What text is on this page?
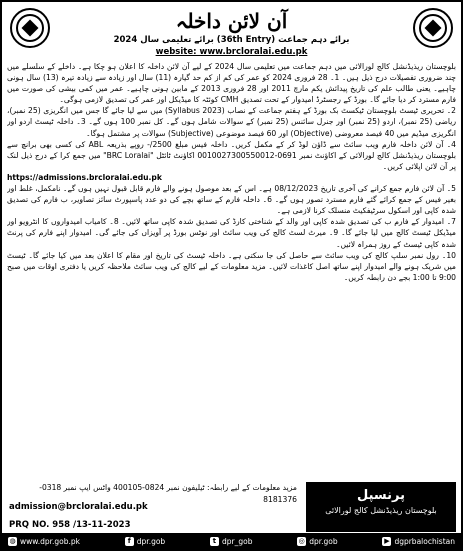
آن لائن داخلہ
برائے دہم جماعت (36th Entry) برائے تعلیمی سال 2024
website: www.brcloralai.edu.pk

بلوچستان ریذیڈنشل کالج لورالائی میں دہم جماعت میں تعلیمی سال 2024 کے لیے آن لائن داخلہ کا اعلان ہو چکا ہے۔ داخلے کے سلسلے میں چند ضروری تفصیلات درج ذیل ہیں۔ 1۔ 28 فروری 2024 کو عمر کی کم از کم حد گیارہ (11) سال اور زیادہ سے زیادہ تیرہ (13) سال ہونی چاہیے۔ یعنی طالب علم کی تاریخ پیدائش یکم مارچ 2011 اور 28 فروری 2013 کے مابین ہونی چاہیے۔ عمر میں کمی بیشی کی صورت میں فارم مسترد کر دیا جائے گا۔ بورڈ کے رجسٹرڈ امیدوار کے تحت تصدیق CMH کوئٹہ کا میڈیکل اور عمر کی تصدیق لازمی ہوگی۔

2۔ تحریری ٹیسٹ بلوچستان ٹیکسٹ بک بورڈ کے ہفتم جماعت کے نصاب (Syllabus 2023) میں سے لیا جائے گا جس میں انگریزی (25 نمبر)، ریاضی (25 نمبر)، اردو (25 نمبر) اور جنرل سائنس (25 نمبر) کے سوالات شامل ہوں گے۔ کل نمبر 100 ہوں گے۔ 3۔ داخلہ ٹیسٹ اردو اور انگریزی میڈیم میں 40 فیصد معروضی (Objective) اور 60 فیصد موضوعی (Subjective) سوالات پر مشتمل ہوگا۔

4۔ آن لائن داخلہ فارم ویب سائٹ سے ڈاؤن لوڈ کر کے مکمل کریں۔ داخلہ فیس مبلغ 2500/- روپے بذریعہ ABL کی کسی بھی برانچ سے بلوچستان ریذیڈنشل کالج لورالائی کے اکاؤنٹ نمبر 0691-0010027300550012 اکاؤنٹ ٹائٹل "BRC Loralai" میں جمع کرا کے درج ذیل لنک پر آن لائن اپلائی کریں۔

https://admissions.brcloralai.edu.pk

5۔ آن لائن فارم جمع کرانے کی آخری تاریخ 08/12/2023 ہے۔ اس کے بعد موصول ہونے والے فارم قابل قبول نہیں ہوں گے۔ نامکمل، غلط اور بغیر فیس کے جمع کرائے گئے فارم مسترد تصور ہوں گے۔ 6۔ داخلہ فارم کے ساتھ بچے کی دو عدد پاسپورٹ سائز تصاویر، ب فارم کی تصدیق شدہ کاپی اور اسکول سرٹیفکیٹ منسلک کرنا لازمی ہے۔

7۔ امیدوار کے فارم ب کی تصدیق شدہ کاپی اور والد کے شناختی کارڈ کی تصدیق شدہ کاپی ساتھ لائیں۔ 8۔ کامیاب امیدواروں کا انٹرویو اور میڈیکل ٹیسٹ کالج میں لیا جائے گا۔ 9۔ میرٹ لسٹ کالج کی ویب سائٹ اور نوٹس بورڈ پر آویزاں کی جائے گی۔ امیدوار اپنے فارم کی پرنٹ شدہ کاپی ٹیسٹ کے روز ہمراہ لائیں۔

10۔ رول نمبر سلپ کالج کی ویب سائٹ سے حاصل کی جا سکتی ہے۔ داخلہ ٹیسٹ کی تاریخ اور مقام کا اعلان بعد میں کیا جائے گا۔ ٹیسٹ میں شریک ہونے والے امیدوار اپنے ساتھ اصل کاغذات لائیں۔ مزید معلومات کے لیے کالج کی ویب سائٹ ملاحظہ کریں یا دفتری اوقات میں صبح 9:00 تا 1:00 بجے دن رابطہ کریں۔

مزید معلومات کے لیے رابطہ: ٹیلیفون نمبر 0824-400105 واٹس ایپ نمبر 0318-8181376
admission@brcloralai.edu.pk
PRQ NO. 958 /13-11-2023
پرنسپل
بلوچستان ریذیڈنشل کالج لورالائی
◍ www.dpr.gob.pk	f dpr.gob	t dpr_gob	◎ dpr.gob	▶ dgprbalochistan
